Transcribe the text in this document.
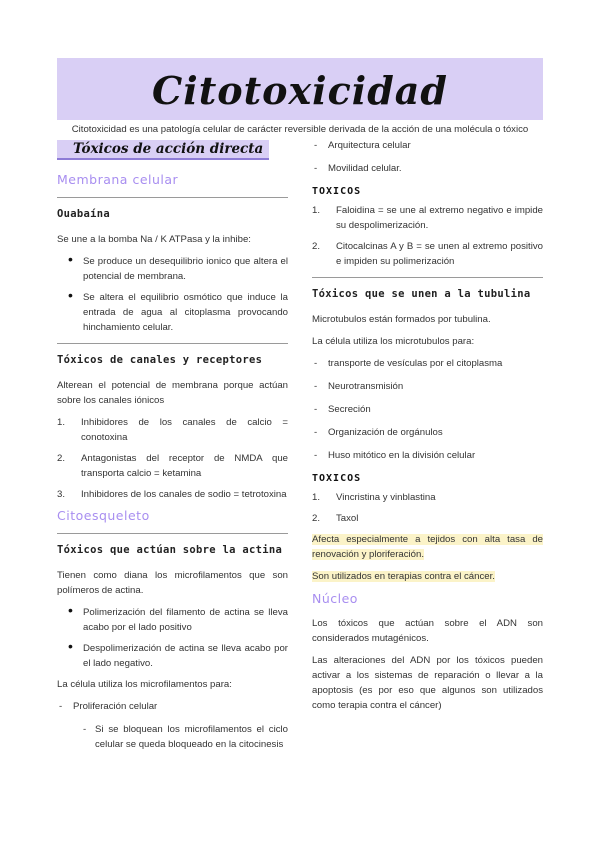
Citotoxicidad
Citotoxicidad es una patología celular de carácter reversible derivada de la acción de una molécula o tóxico
Tóxicos de acción directa
Membrana celular
Ouabaína

Se une a la bomba Na / K ATPasa y la inhibe:

• Se produce un desequilibrio ionico que altera el potencial de membrana.
• Se altera el equilibrio osmótico que induce la entrada de agua al citoplasma provocando hinchamiento celular.
Tóxicos de canales y receptores

Alterean el potencial de membrana porque actúan sobre los canales iónicos

1. Inhibidores de los canales de calcio = conotoxina
2. Antagonistas del receptor de NMDA que transporta calcio = ketamina
3. Inhibidores de los canales de sodio = tetrotoxina
Citoesqueleto
Tóxicos que actúan sobre la actina

Tienen como diana los microfilamentos que son polímeros de actina.

• Polimerización del filamento de actina se lleva acabo por el lado positivo
• Despolimerización de actina se lleva acabo por el lado negativo.

La célula utiliza los microfilamentos para:

- Proliferación celular
- Si se bloquean los microfilamentos el ciclo celular se queda bloqueado en la citocinesis
- Arquitectura celular
- Movilidad celular.
TOXICOS
1. Faloidina = se une al extremo negativo e impide su despolimerización.
2. Citocalcinas A y B = se unen al extremo positivo e impiden su polimerización
Tóxicos que se unen a la tubulina

Microtubulos están formados por tubulina.

La célula utiliza los microtubulos para:

- transporte de vesículas por el citoplasma
- Neurotransmisión
- Secreción
- Organización de orgánulos
- Huso mitótico en la división celular
TOXICOS
1. Vincristina y vinblastina
2. Taxol

Afecta especialmente a tejidos con alta tasa de renovación y ploriferación.

Son utilizados en terapias contra el cáncer.

Núcleo

Los tóxicos que actúan sobre el ADN son considerados mutagénicos.

Las alteraciones del ADN por los tóxicos pueden activar a los sistemas de reparación o llevar a la apoptosis (es por eso que algunos son utilizados como terapia contra el cáncer)
